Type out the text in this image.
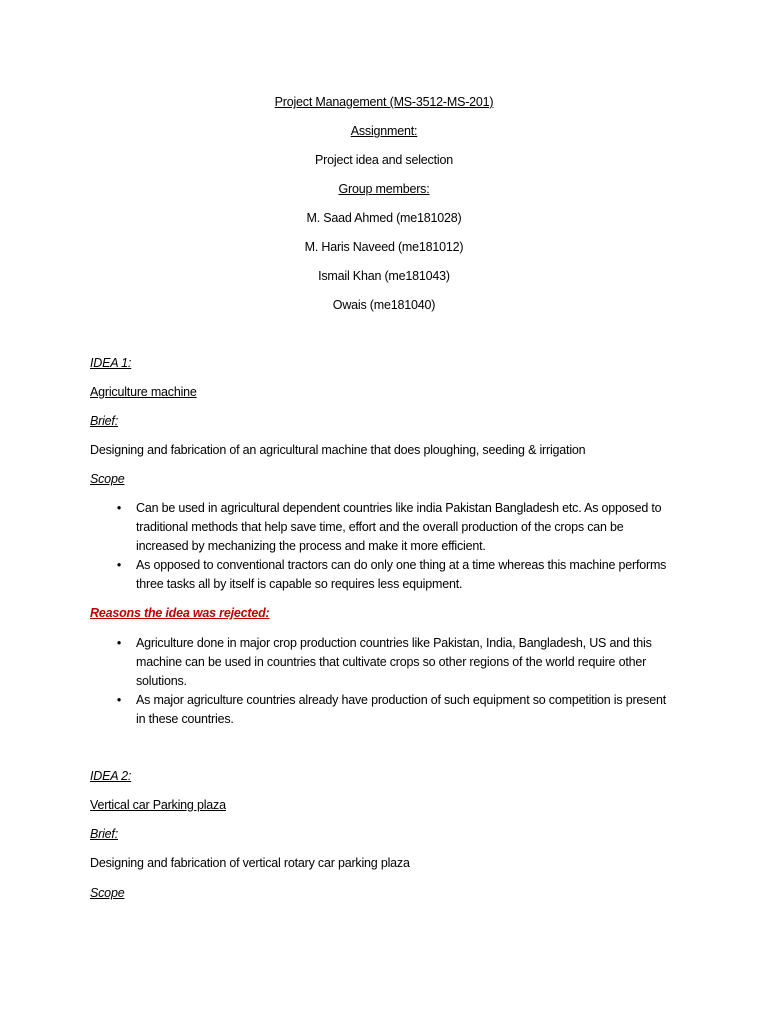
Project Management (MS-3512-MS-201)
Assignment:
Project idea and selection
Group members:
M. Saad Ahmed (me181028)
M. Haris Naveed (me181012)
Ismail Khan (me181043)
Owais (me181040)
IDEA 1:
Agriculture machine
Brief:
Designing and fabrication of an agricultural machine that does ploughing, seeding & irrigation
Scope
• Can be used in agricultural dependent countries like india Pakistan Bangladesh etc. As opposed to traditional methods that help save time, effort and the overall production of the crops can be increased by mechanizing the process and make it more efficient.
• As opposed to conventional tractors can do only one thing at a time whereas this machine performs three tasks all by itself is capable so requires less equipment.
Reasons the idea was rejected:
• Agriculture done in major crop production countries like Pakistan, India, Bangladesh, US and this machine can be used in countries that cultivate crops so other regions of the world require other solutions.
• As major agriculture countries already have production of such equipment so competition is present in these countries.
IDEA 2:
Vertical car Parking plaza
Brief:
Designing and fabrication of vertical rotary car parking plaza
Scope
